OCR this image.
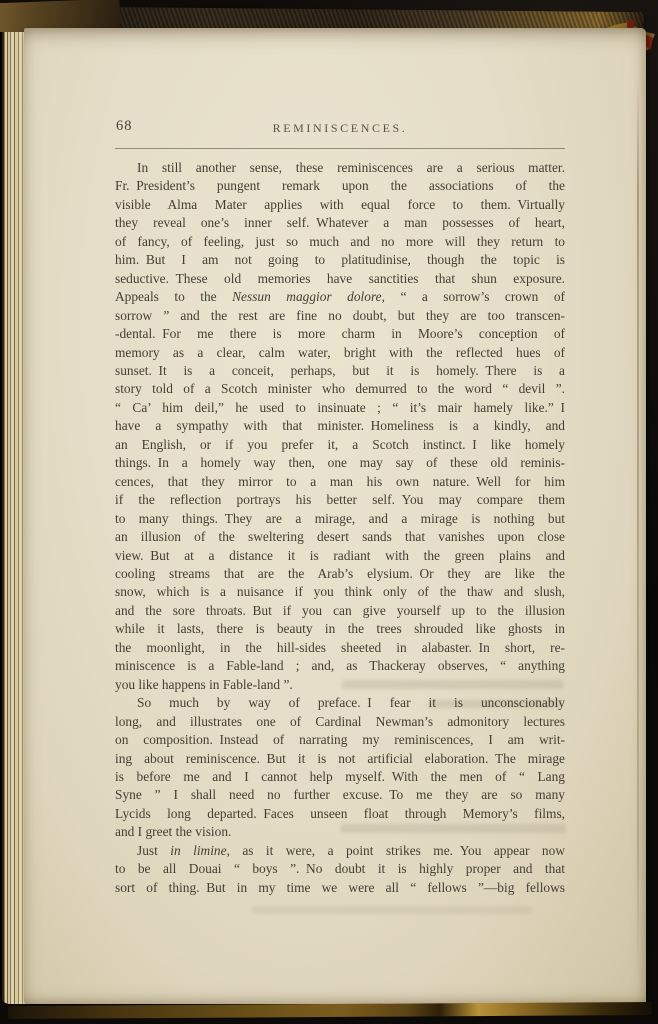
68	REMINISCENCES.
In still another sense, these reminiscences are a serious matter.
Fr. President’s pungent remark upon the associations of the
visible Alma Mater applies with equal force to them. Virtually
they reveal one’s inner self. Whatever a man possesses of heart,
of fancy, of feeling, just so much and no more will they return to
him. But I am not going to platitudinise, though the topic is
seductive. These old memories have sanctities that shun exposure.
Appeals to the Nessun maggior dolore, “ a sorrow’s crown of
sorrow ” and the rest are fine no doubt, but they are too transcen-
-dental. For me there is more charm in Moore’s conception of
memory as a clear, calm water, bright with the reflected hues of
sunset. It is a conceit, perhaps, but it is homely. There is a
story told of a Scotch minister who demurred to the word “ devil ”.
“ Ca’ him deil,” he used to insinuate ; “ it’s mair hamely like.” I
have a sympathy with that minister. Homeliness is a kindly, and
an English, or if you prefer it, a Scotch instinct. I like homely
things. In a homely way then, one may say of these old reminis-
cences, that they mirror to a man his own nature. Well for him
if the reflection portrays his better self. You may compare them
to many things. They are a mirage, and a mirage is nothing but
an illusion of the sweltering desert sands that vanishes upon close
view. But at a distance it is radiant with the green plains and
cooling streams that are the Arab’s elysium. Or they are like the
snow, which is a nuisance if you think only of the thaw and slush,
and the sore throats. But if you can give yourself up to the illusion
while it lasts, there is beauty in the trees shrouded like ghosts in
the moonlight, in the hill-sides sheeted in alabaster. In short, re-
miniscence is a Fable-land ; and, as Thackeray observes, “ anything
you like happens in Fable-land ”.
So much by way of preface. I fear it is unconscionably
long, and illustrates one of Cardinal Newman’s admonitory lectures
on composition. Instead of narrating my reminiscences, I am writ-
ing about reminiscence. But it is not artificial elaboration. The mirage
is before me and I cannot help myself. With the men of “ Lang
Syne ” I shall need no further excuse. To me they are so many
Lycids long departed. Faces unseen float through Memory’s films,
and I greet the vision.
Just in limine, as it were, a point strikes me. You appear now
to be all Douai “ boys ”. No doubt it is highly proper and that
sort of thing. But in my time we were all “ fellows ”—big fellows
